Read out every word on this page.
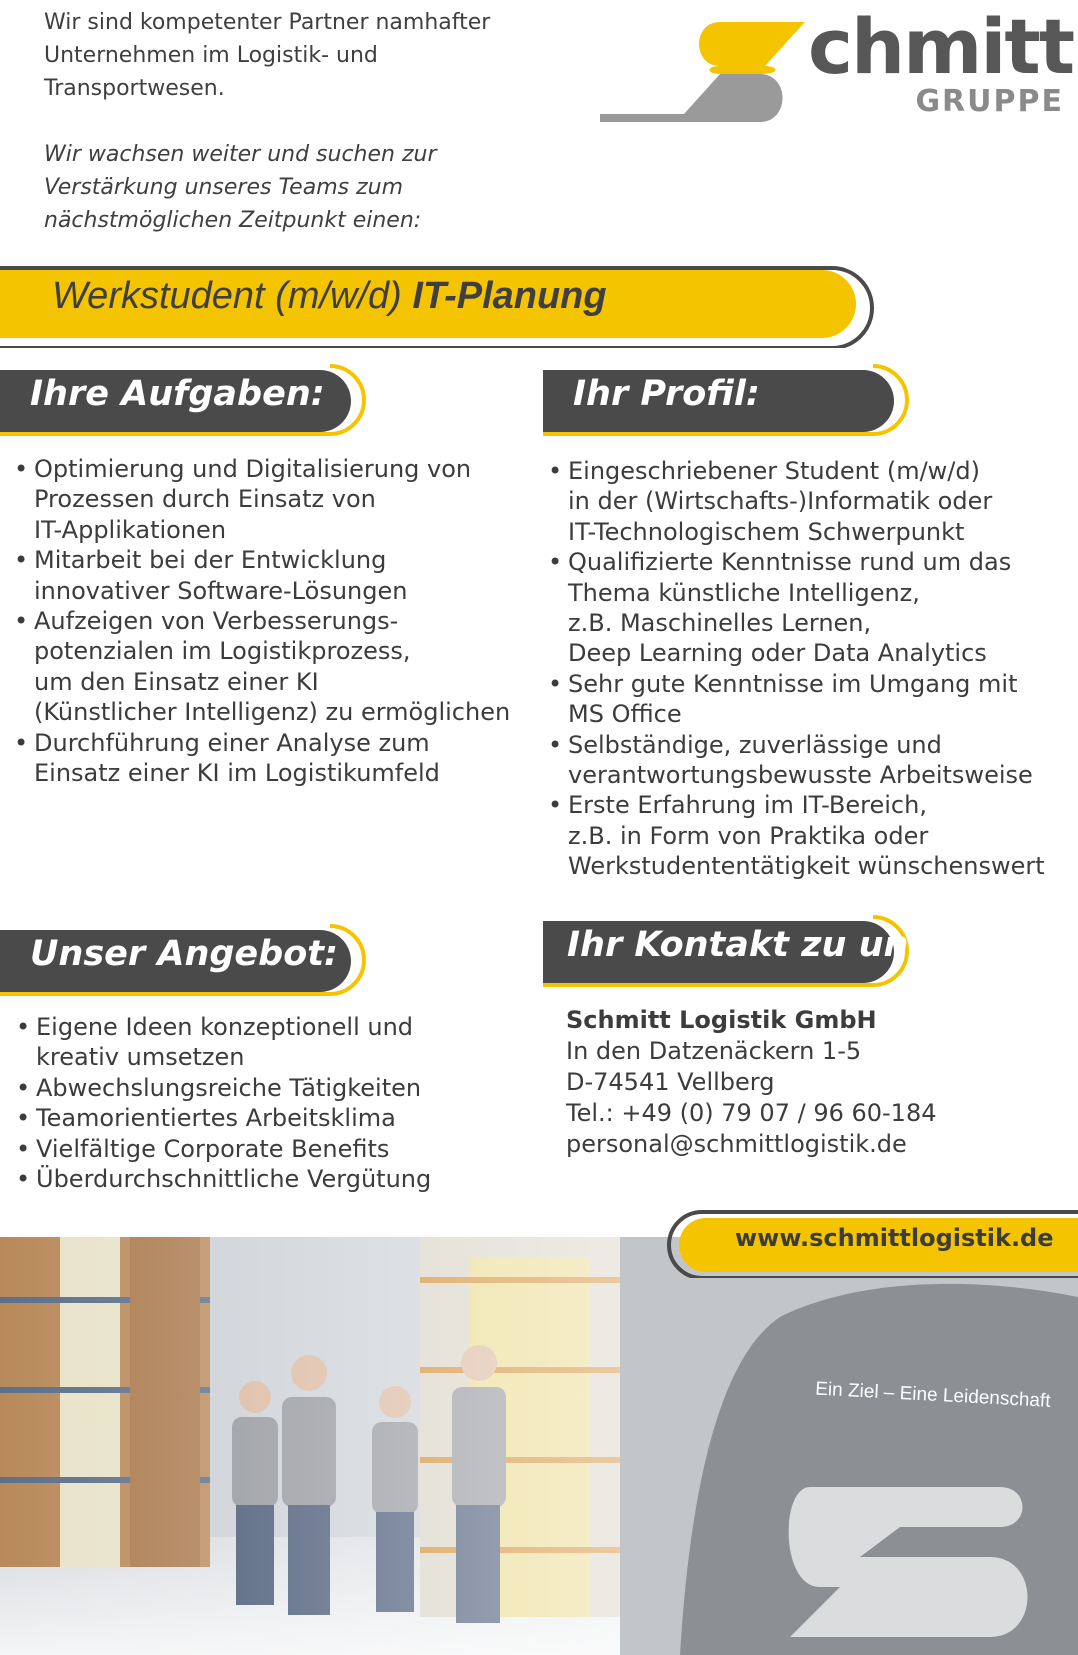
Wir sind kompetenter Partner namhafter
Unternehmen im Logistik- und
Transportwesen.

Wir wachsen weiter und suchen zur
Verstärkung unseres Teams zum
nächstmöglichen Zeitpunkt einen:

chmitt
GRUPPE
Werkstudent (m/w/d) IT-Planung
Ihre Aufgaben:
• Optimierung und Digitalisierung von
Prozessen durch Einsatz von
IT-Applikationen
• Mitarbeit bei der Entwicklung
innovativer Software-Lösungen
• Aufzeigen von Verbesserungs-
potenzialen im Logistikprozess,
um den Einsatz einer KI
(Künstlicher Intelligenz) zu ermöglichen
• Durchführung einer Analyse zum
Einsatz einer KI im Logistikumfeld
Ihr Profil:
• Eingeschriebener Student (m/w/d)
in der (Wirtschafts-)Informatik oder
IT-Technologischem Schwerpunkt
• Qualifizierte Kenntnisse rund um das
Thema künstliche Intelligenz,
z.B. Maschinelles Lernen,
Deep Learning oder Data Analytics
• Sehr gute Kenntnisse im Umgang mit
MS Office
• Selbständige, zuverlässige und
verantwortungsbewusste Arbeitsweise
• Erste Erfahrung im IT-Bereich,
z.B. in Form von Praktika oder
Werkstudententätigkeit wünschenswert
Unser Angebot:
• Eigene Ideen konzeptionell und
kreativ umsetzen
• Abwechslungsreiche Tätigkeiten
• Teamorientiertes Arbeitsklima
• Vielfältige Corporate Benefits
• Überdurchschnittliche Vergütung
Ihr Kontakt zu uns:
Schmitt Logistik GmbH
In den Datzenäckern 1-5
D-74541 Vellberg
Tel.: +49 (0) 79 07 / 96 60-184
personal@schmittlogistik.de
Ein Ziel – Eine Leidenschaft
www.schmittlogistik.de
